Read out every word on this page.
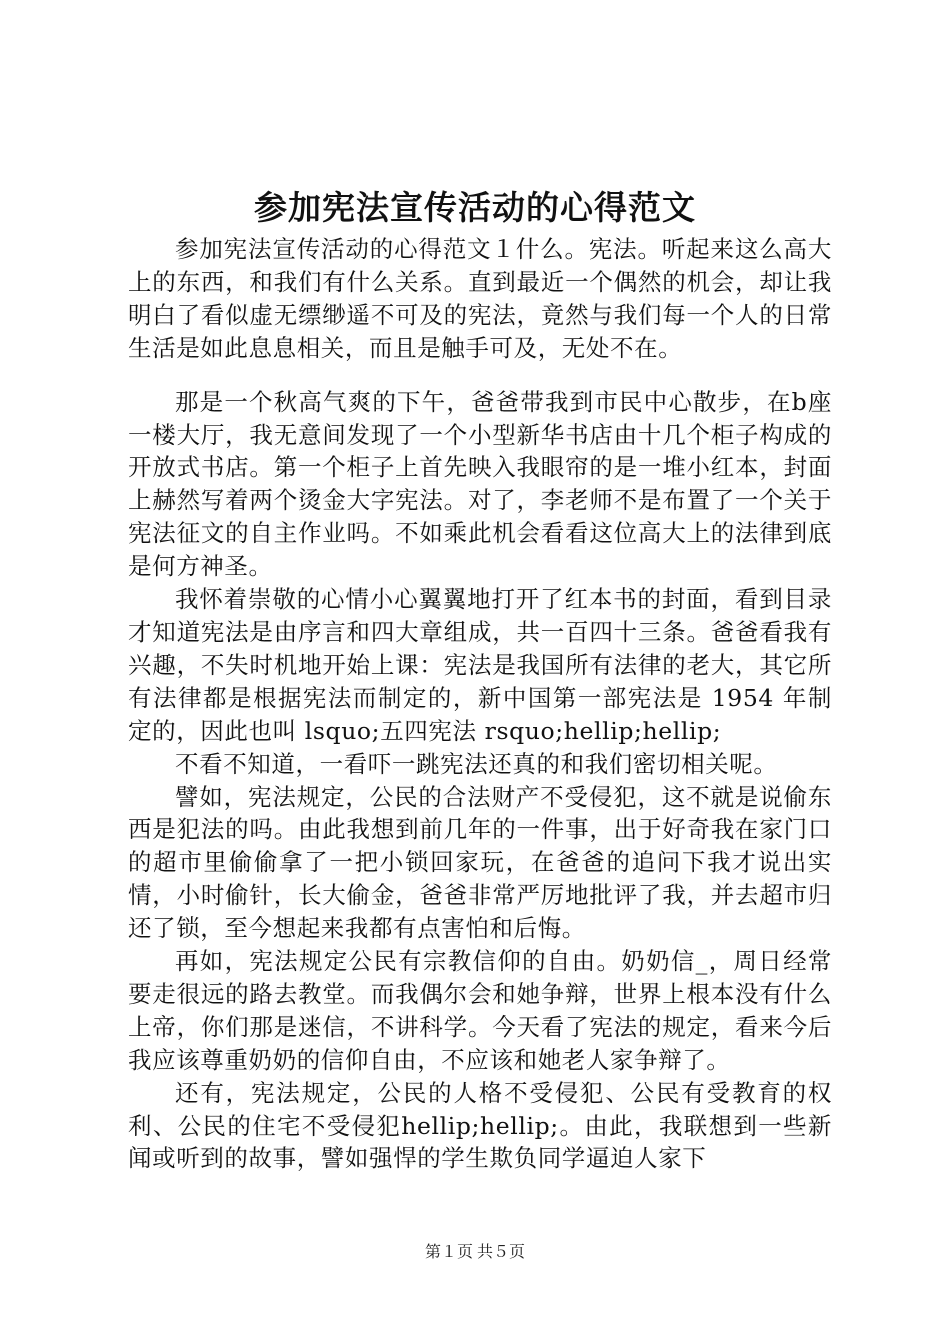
参加宪法宣传活动的心得范文

参加宪法宣传活动的心得范文１什么。宪法。听起来这么高大上的东西，和我们有什么关系。直到最近一个偶然的机会，却让我明白了看似虚无缥缈遥不可及的宪法，竟然与我们每一个人的日常生活是如此息息相关，而且是触手可及，无处不在。

那是一个秋高气爽的下午，爸爸带我到市民中心散步，在b座一楼大厅，我无意间发现了一个小型新华书店由十几个柜子构成的开放式书店。第一个柜子上首先映入我眼帘的是一堆小红本，封面上赫然写着两个烫金大字宪法。对了，李老师不是布置了一个关于宪法征文的自主作业吗。不如乘此机会看看这位高大上的法律到底是何方神圣。

我怀着崇敬的心情小心翼翼地打开了红本书的封面，看到目录才知道宪法是由序言和四大章组成，共一百四十三条。爸爸看我有兴趣，不失时机地开始上课：宪法是我国所有法律的老大，其它所有法律都是根据宪法而制定的，新中国第一部宪法是 1954 年制定的，因此也叫 lsquo;五四宪法 rsquo;hellip;hellip;

不看不知道，一看吓一跳宪法还真的和我们密切相关呢。

譬如，宪法规定，公民的合法财产不受侵犯，这不就是说偷东西是犯法的吗。由此我想到前几年的一件事，出于好奇我在家门口的超市里偷偷拿了一把小锁回家玩，在爸爸的追问下我才说出实情，小时偷针，长大偷金，爸爸非常严厉地批评了我，并去超市归还了锁，至今想起来我都有点害怕和后悔。

再如，宪法规定公民有宗教信仰的自由。奶奶信_，周日经常要走很远的路去教堂。而我偶尔会和她争辩，世界上根本没有什么上帝，你们那是迷信，不讲科学。今天看了宪法的规定，看来今后我应该尊重奶奶的信仰自由，不应该和她老人家争辩了。

还有，宪法规定，公民的人格不受侵犯、公民有受教育的权利、公民的住宅不受侵犯hellip;hellip;。由此，我联想到一些新闻或听到的故事，譬如强悍的学生欺负同学逼迫人家下

第１页 共５页
